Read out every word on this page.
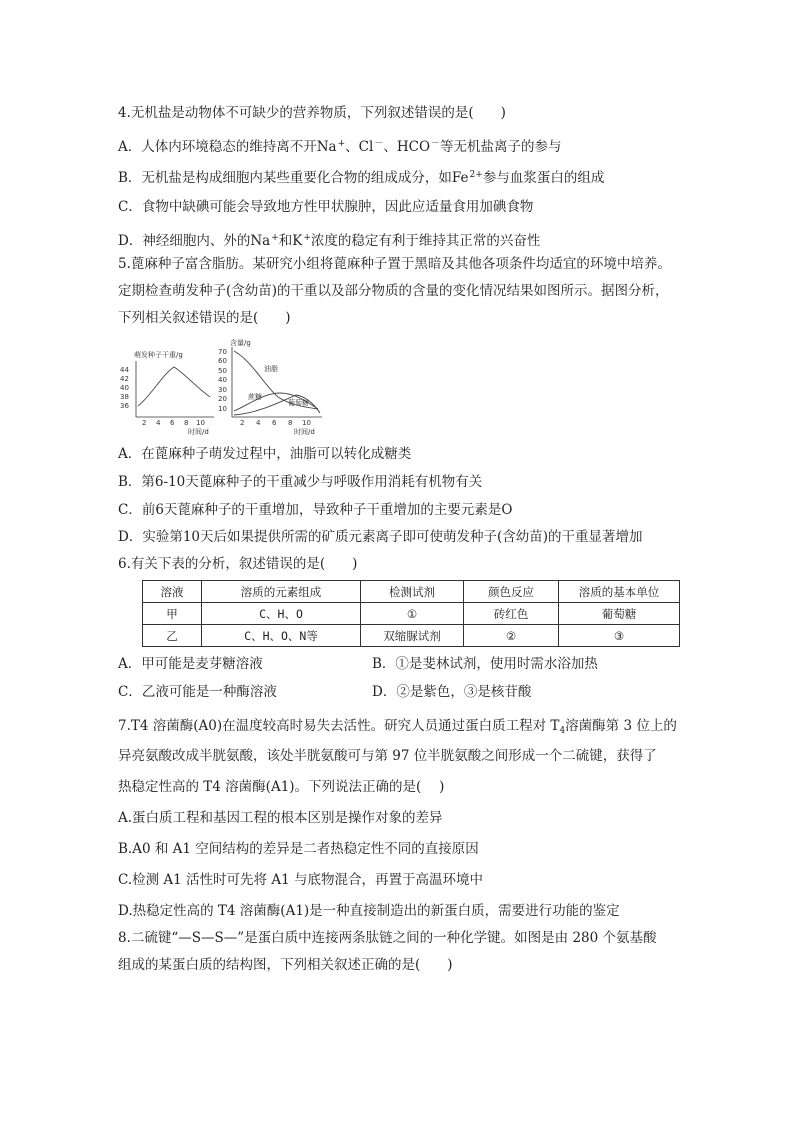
4.无机盐是动物体不可缺少的营养物质，下列叙述错误的是(　　)
A．人体内环境稳态的维持离不开Na+、Cl－、HCO－等无机盐离子的参与
B．无机盐是构成细胞内某些重要化合物的组成成分，如$Fe^{2+}$参与血浆蛋白的组成
C．食物中缺碘可能会导致地方性甲状腺肿，因此应适量食用加碘食物
D．神经细胞内、外的Na+和K+浓度的稳定有利于维持其正常的兴奋性
5.蓖麻种子富含脂肪。某研究小组将蓖麻种子置于黑暗及其他各项条件均适宜的环境中培养。
定期检查萌发种子(含幼苗)的干重以及部分物质的含量的变化情况结果如图所示。据图分析，
下列相关叙述错误的是(　　)
萌发种子干重/g
44
42
40
38
36
2 4 6 8 10
时间/d
含量/g
70
60
50
40
30
20
10
2 4 6 8 10
时间/d
油脂
蔗糖
葡萄糖
A．在蓖麻种子萌发过程中，油脂可以转化成糖类
B．第6-10天蓖麻种子的干重减少与呼吸作用消耗有机物有关
C．前6天蓖麻种子的干重增加，导致种子干重增加的主要元素是O
D．实验第10天后如果提供所需的矿质元素离子即可使萌发种子(含幼苗)的干重显著增加
6.有关下表的分析，叙述错误的是(　　)
溶液	溶质的元素组成	检测试剂	颜色反应	溶质的基本单位
甲	C、H、O	①	砖红色	葡萄糖
乙	C、H、O、N等	双缩脲试剂	②	③
A．甲可能是麦芽糖溶液	B．①是斐林试剂，使用时需水浴加热
C．乙液可能是一种酶溶液	D．②是紫色，③是核苷酸
7.T4 溶菌酶(A0)在温度较高时易失去活性。研究人员通过蛋白质工程对 $T_4$溶菌酶第 3 位上的
异亮氨酸改成半胱氨酸，该处半胱氨酸可与第 97 位半胱氨酸之间形成一个二硫键，获得了
热稳定性高的 T4 溶菌酶(A1)。下列说法正确的是(　 )
A.蛋白质工程和基因工程的根本区别是操作对象的差异
B.A0 和 A1 空间结构的差异是二者热稳定性不同的直接原因
C.检测 A1 活性时可先将 A1 与底物混合，再置于高温环境中
D.热稳定性高的 T4 溶菌酶(A1)是一种直接制造出的新蛋白质，需要进行功能的鉴定
8.二硫键“—S—S—”是蛋白质中连接两条肽链之间的一种化学键。如图是由 280 个氨基酸
组成的某蛋白质的结构图，下列相关叙述正确的是(　　)
